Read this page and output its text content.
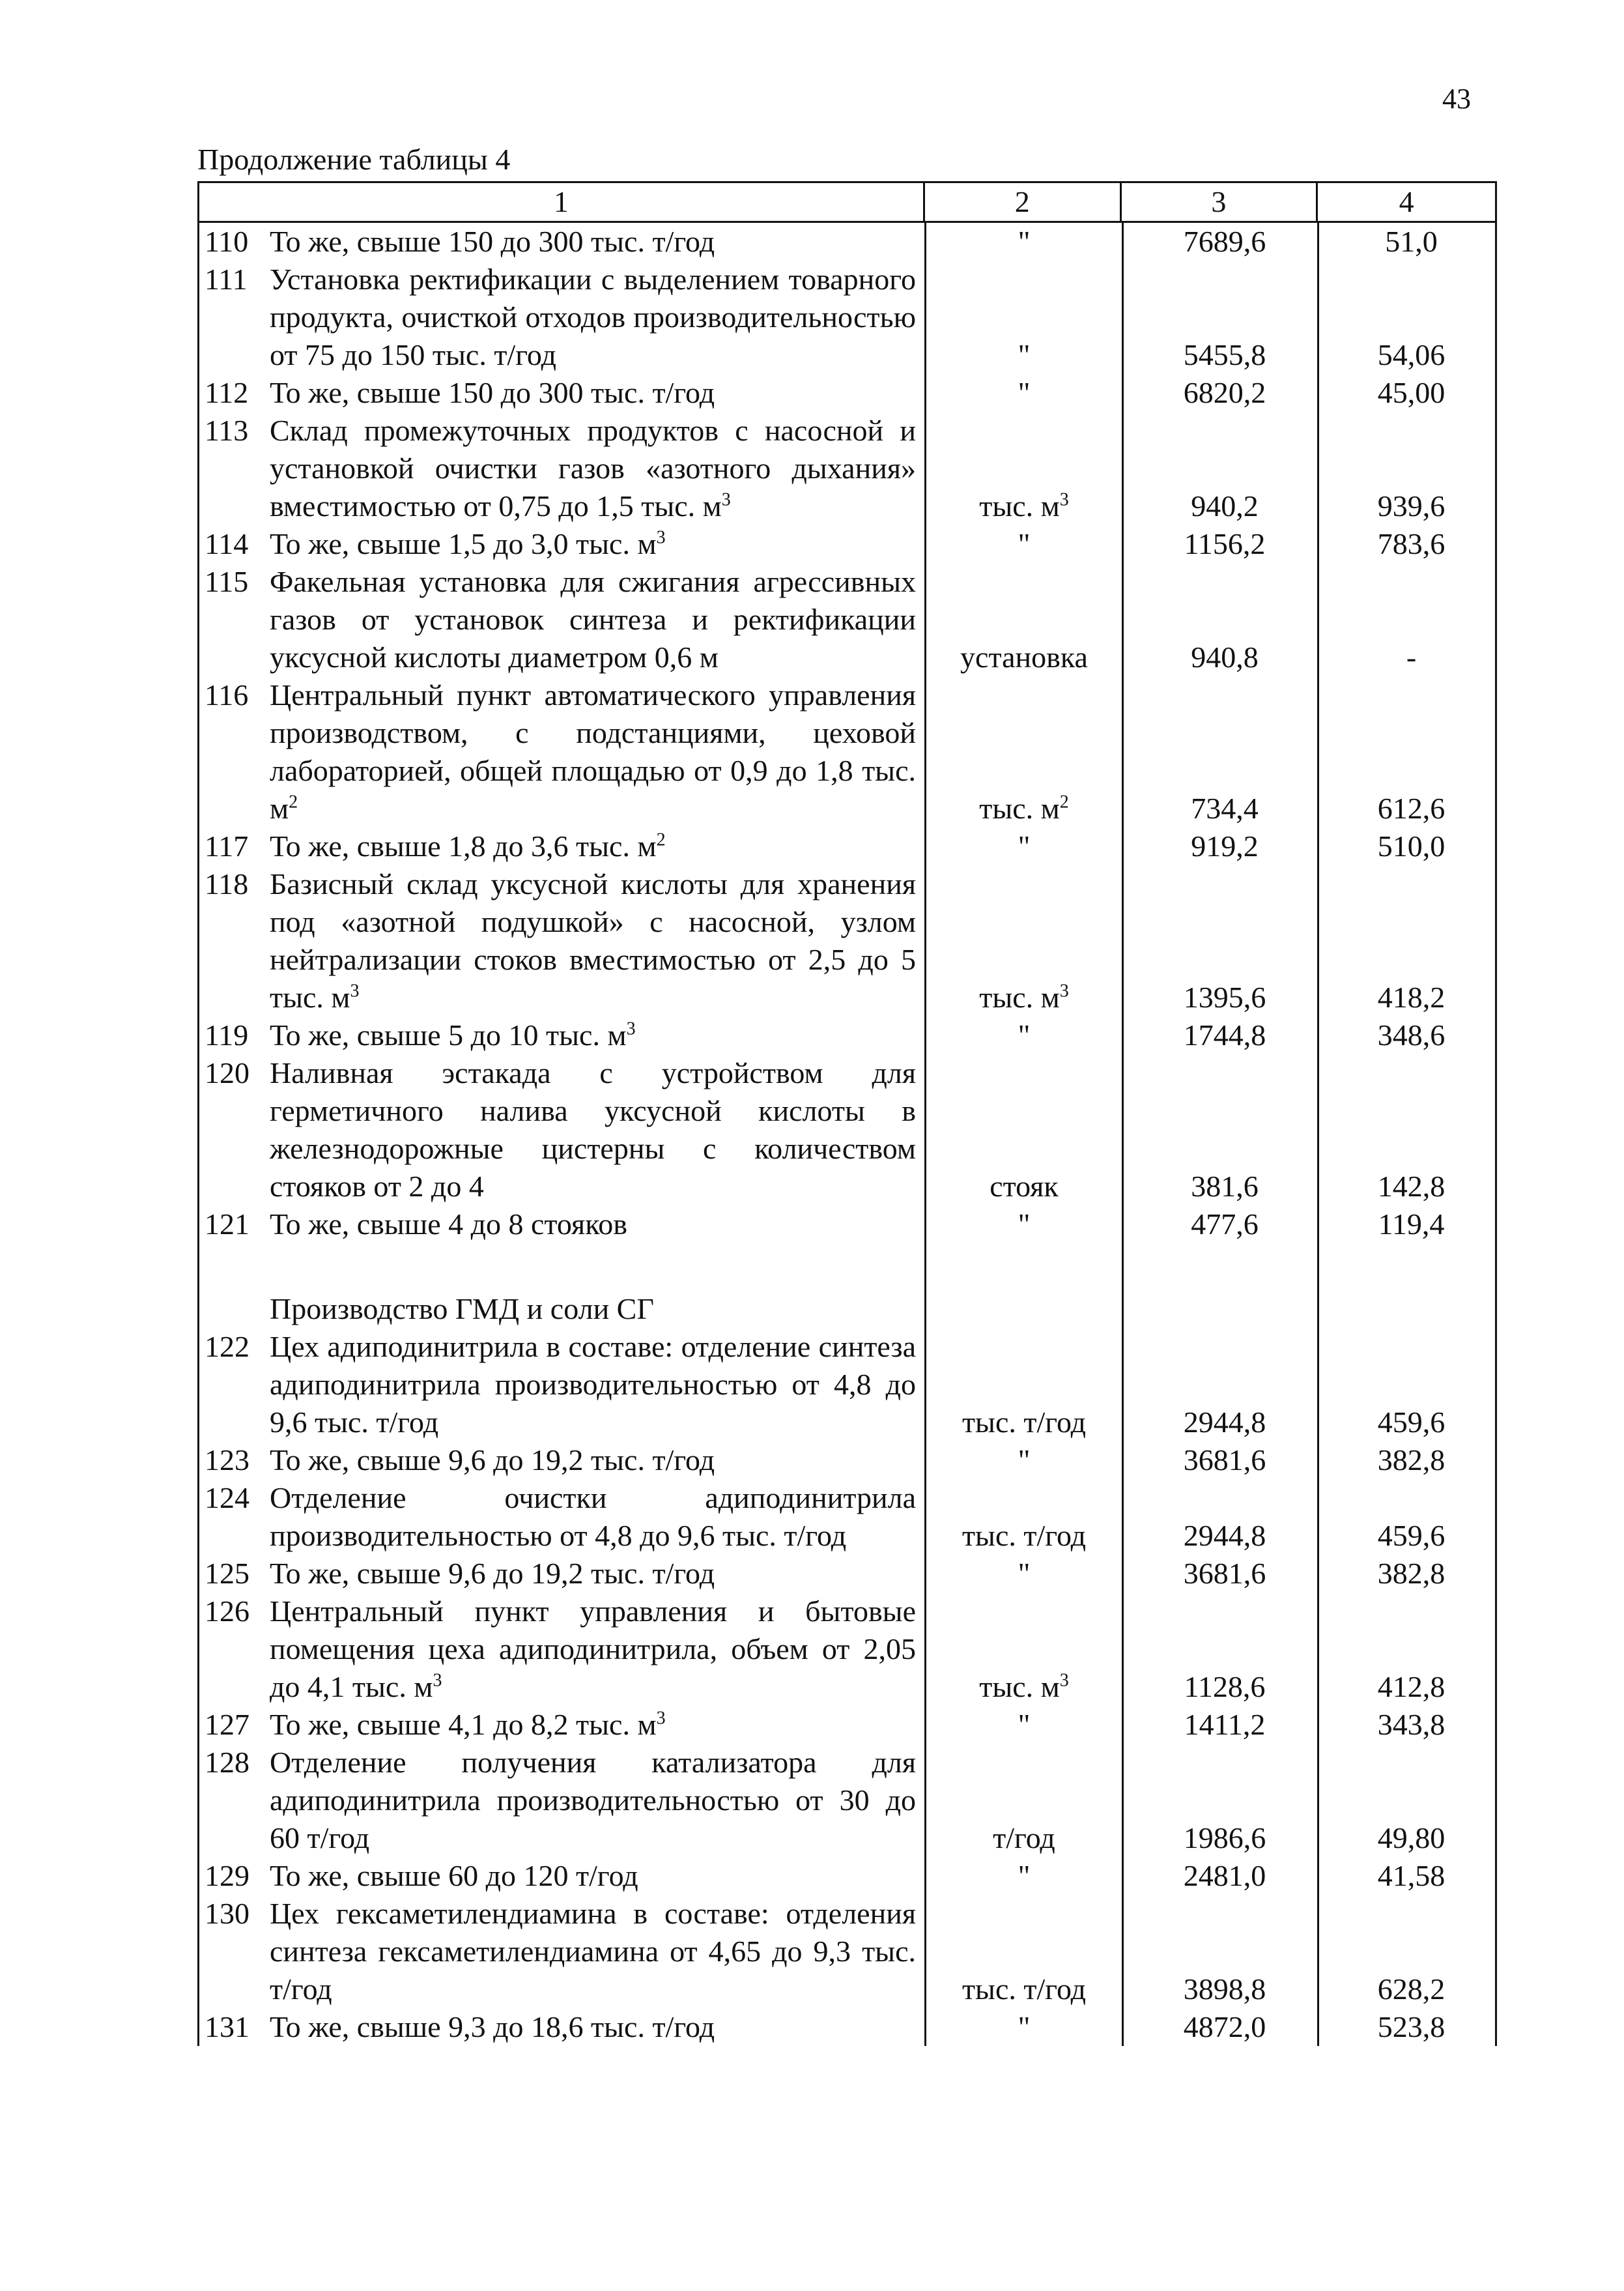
43
Продолжение таблицы 4
1	2	3	4
110 То же, свыше 150 до 300 тыс. т/год	"	7689,6	51,0
111 Установка ректификации с выделением товарного продукта, очисткой отходов производительностью от 75 до 150 тыс. т/год	"	5455,8	54,06
112 То же, свыше 150 до 300 тыс. т/год	"	6820,2	45,00
113 Склад промежуточных продуктов с насосной и установкой очистки газов «азотного дыхания» вместимостью от 0,75 до 1,5 тыс. $м^3$	тыс. $м^3$	940,2	939,6
114 То же, свыше 1,5 до 3,0 тыс. $м^3$	"	1156,2	783,6
115 Факельная установка для сжигания агрессивных газов от установок синтеза и ректификации уксусной кислоты диаметром 0,6 м	установка	940,8	-
116 Центральный пункт автоматического управления производством, с подстанциями, цеховой лабораторией, общей площадью от 0,9 до 1,8 тыс. $м^2$	тыс. $м^2$	734,4	612,6
117 То же, свыше 1,8 до 3,6 тыс. $м^2$	"	919,2	510,0
118 Базисный склад уксусной кислоты для хранения под «азотной подушкой» с насосной, узлом нейтрализации стоков вместимостью от 2,5 до 5 тыс. $м^3$	тыс. $м^3$	1395,6	418,2
119 То же, свыше 5 до 10 тыс. $м^3$	"	1744,8	348,6
120 Наливная эстакада с устройством для герметичного налива уксусной кислоты в железнодорожные цистерны с количеством стояков от 2 до 4	стояк	381,6	142,8
121 То же, свыше 4 до 8 стояков	"	477,6	119,4
Производство ГМД и соли СГ
122 Цех адиподинитрила в составе: отделение синтеза адиподинитрила производительностью от 4,8 до 9,6 тыс. т/год	тыс. т/год	2944,8	459,6
123 То же, свыше 9,6 до 19,2 тыс. т/год	"	3681,6	382,8
124 Отделение очистки адиподинитрила производительностью от 4,8 до 9,6 тыс. т/год	тыс. т/год	2944,8	459,6
125 То же, свыше 9,6 до 19,2 тыс. т/год	"	3681,6	382,8
126 Центральный пункт управления и бытовые помещения цеха адиподинитрила, объем от 2,05 до 4,1 тыс. $м^3$	тыс. $м^3$	1128,6	412,8
127 То же, свыше 4,1 до 8,2 тыс. $м^3$	"	1411,2	343,8
128 Отделение получения катализатора для адиподинитрила производительностью от 30 до 60 т/год	т/год	1986,6	49,80
129 То же, свыше 60 до 120 т/год	"	2481,0	41,58
130 Цех гексаметилендиамина в составе: отделения синтеза гексаметилендиамина от 4,65 до 9,3 тыс. т/год	тыс. т/год	3898,8	628,2
131 То же, свыше 9,3 до 18,6 тыс. т/год	"	4872,0	523,8
